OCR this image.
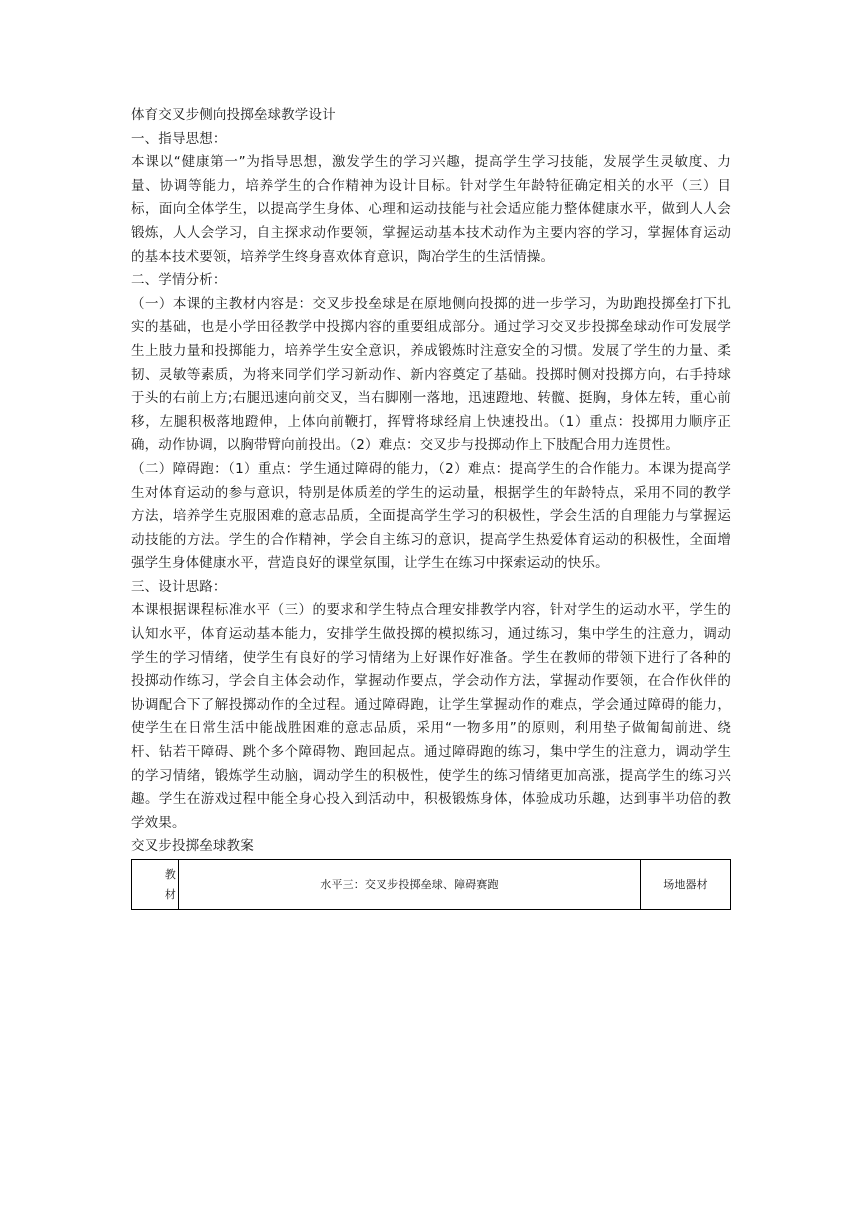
体育交叉步侧向投掷垒球教学设计

一、指导思想：

本课以“健康第一”为指导思想，激发学生的学习兴趣，提高学生学习技能，发展学生灵敏度、力量、协调等能力，培养学生的合作精神为设计目标。针对学生年龄特征确定相关的水平（三）目标，面向全体学生，以提高学生身体、心理和运动技能与社会适应能力整体健康水平，做到人人会锻炼，人人会学习，自主探求动作要领，掌握运动基本技术动作为主要内容的学习，掌握体育运动的基本技术要领，培养学生终身喜欢体育意识，陶冶学生的生活情操。

二、学情分析：

（一）本课的主教材内容是：交叉步投垒球是在原地侧向投掷的进一步学习，为助跑投掷垒打下扎实的基础，也是小学田径教学中投掷内容的重要组成部分。通过学习交叉步投掷垒球动作可发展学生上肢力量和投掷能力，培养学生安全意识，养成锻炼时注意安全的习惯。发展了学生的力量、柔韧、灵敏等素质，为将来同学们学习新动作、新内容奠定了基础。投掷时侧对投掷方向，右手持球于头的右前上方;右腿迅速向前交叉，当右脚刚一落地，迅速蹬地、转髋、挺胸，身体左转，重心前移，左腿积极落地蹬伸，上体向前鞭打，挥臂将球经肩上快速投出。（1）重点：投掷用力顺序正确，动作协调，以胸带臂向前投出。（2）难点：交叉步与投掷动作上下肢配合用力连贯性。

（二）障碍跑：（1）重点：学生通过障碍的能力，（2）难点：提高学生的合作能力。本课为提高学生对体育运动的参与意识，特别是体质差的学生的运动量，根据学生的年龄特点，采用不同的教学方法，培养学生克服困难的意志品质，全面提高学生学习的积极性，学会生活的自理能力与掌握运动技能的方法。学生的合作精神，学会自主练习的意识，提高学生热爱体育运动的积极性，全面增强学生身体健康水平，营造良好的课堂氛围，让学生在练习中探索运动的快乐。

三、设计思路：

本课根据课程标准水平（三）的要求和学生特点合理安排教学内容，针对学生的运动水平，学生的认知水平，体育运动基本能力，安排学生做投掷的模拟练习，通过练习，集中学生的注意力，调动学生的学习情绪，使学生有良好的学习情绪为上好课作好准备。学生在教师的带领下进行了各种的投掷动作练习，学会自主体会动作，掌握动作要点，学会动作方法，掌握动作要领，在合作伙伴的协调配合下了解投掷动作的全过程。通过障碍跑，让学生掌握动作的难点，学会通过障碍的能力，使学生在日常生活中能战胜困难的意志品质，采用“一物多用”的原则，利用垫子做匍匐前进、绕杆、钻若干障碍、跳个多个障碍物、跑回起点。通过障碍跑的练习，集中学生的注意力，调动学生的学习情绪，锻炼学生动脑，调动学生的积极性，使学生的练习情绪更加高涨，提高学生的练习兴趣。学生在游戏过程中能全身心投入到活动中，积极锻炼身体，体验成功乐趣，达到事半功倍的教学效果。

交叉步投掷垒球教案

教
材	水平三：交叉步投掷垒球、障碍赛跑	场地器材
